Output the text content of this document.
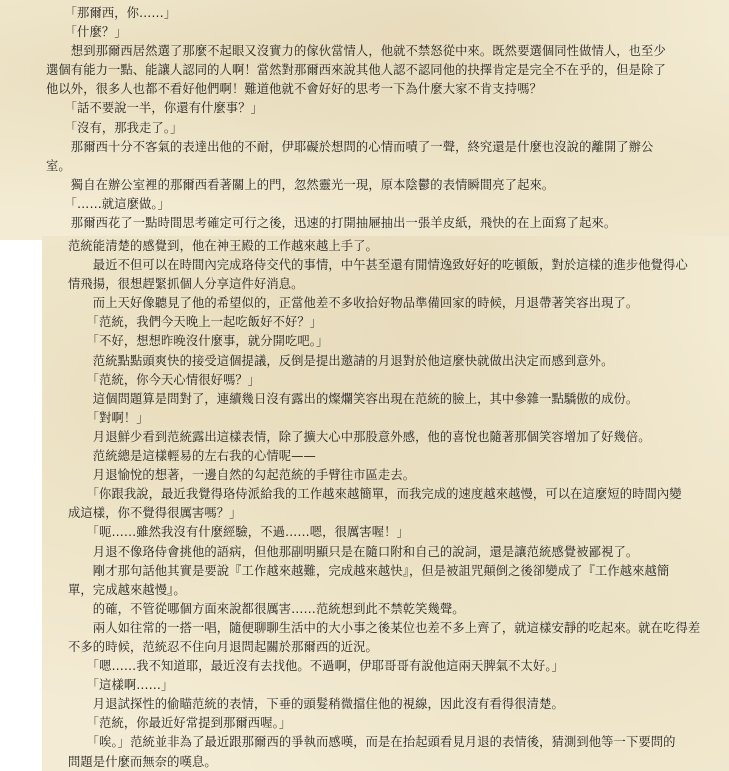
　　「那爾西，你……」
　　「什麼？」
　　想到那爾西居然選了那麼不起眼又沒實力的傢伙當情人，他就不禁怒從中來。既然要選個同性做情人，也至少
選個有能力一點、能讓人認同的人啊！當然對那爾西來說其他人認不認同他的抉擇肯定是完全不在乎的，但是除了
他以外，很多人也都不看好他們啊！難道他就不會好好的思考一下為什麼大家不肯支持嗎？
　　「話不要說一半，你還有什麼事？」
　　「沒有，那我走了。」
　　那爾西十分不客氣的表達出他的不耐，伊耶礙於想問的心情而嘖了一聲，終究還是什麼也沒說的離開了辦公
室。
　　獨自在辦公室裡的那爾西看著關上的門，忽然靈光一現，原本陰鬱的表情瞬間亮了起來。
　　「……就這麼做。」
　　那爾西花了一點時間思考確定可行之後，迅速的打開抽屜抽出一張羊皮紙，飛快的在上面寫了起來。
范統能清楚的感覺到，他在神王殿的工作越來越上手了。
　　最近不但可以在時間內完成珞侍交代的事情，中午甚至還有閒情逸致好好的吃頓飯，對於這樣的進步他覺得心
情飛揚，很想趕緊抓個人分享這件好消息。
　　而上天好像聽見了他的希望似的，正當他差不多收拾好物品準備回家的時候，月退帶著笑容出現了。
　　「范統，我們今天晚上一起吃飯好不好？」
　　「不好，想想昨晚沒什麼事，就分開吃吧。」
　　范統點點頭爽快的接受這個提議，反倒是提出邀請的月退對於他這麼快就做出決定而感到意外。
　　「范統，你今天心情很好嗎？」
　　這個問題算是問對了，連續幾日沒有露出的燦爛笑容出現在范統的臉上，其中參雜一點驕傲的成份。
　　「對啊！」
　　月退鮮少看到范統露出這樣表情，除了擴大心中那股意外感，他的喜悅也隨著那個笑容增加了好幾倍。
　　范統總是這樣輕易的左右我的心情呢——
　　月退愉悅的想著，一邊自然的勾起范統的手臂往市區走去。
　　「你跟我說，最近我覺得珞侍派給我的工作越來越簡單，而我完成的速度越來越慢，可以在這麼短的時間內變
成這樣，你不覺得很厲害嗎？」
　　「呃……雖然我沒有什麼經驗，不過……嗯，很厲害喔！」
　　月退不像珞侍會挑他的語病，但他那副明顯只是在隨口附和自己的說詞，還是讓范統感覺被鄙視了。
　　剛才那句話他其實是要說『工作越來越難，完成越來越快』，但是被詛咒顛倒之後卻變成了『工作越來越簡
單，完成越來越慢』。
　　的確，不管從哪個方面來說都很厲害……范統想到此不禁乾笑幾聲。
　　兩人如往常的一搭一唱，隨便聊聊生活中的大小事之後某位也差不多上齊了，就這樣安靜的吃起來。就在吃得差
不多的時候，范統忍不住向月退問起關於那爾西的近況。
　　「嗯……我不知道耶，最近沒有去找他。不過啊，伊耶哥哥有說他這兩天脾氣不太好。」
　　「這樣啊……」
　　月退試探性的偷瞄范統的表情，下垂的頭髮稍微擋住他的視線，因此沒有看得很清楚。
　　「范統，你最近好常提到那爾西喔。」
　　「唉。」范統並非為了最近跟那爾西的爭執而感嘆，而是在抬起頭看見月退的表情後，猜測到他等一下要問的
問題是什麼而無奈的嘆息。
